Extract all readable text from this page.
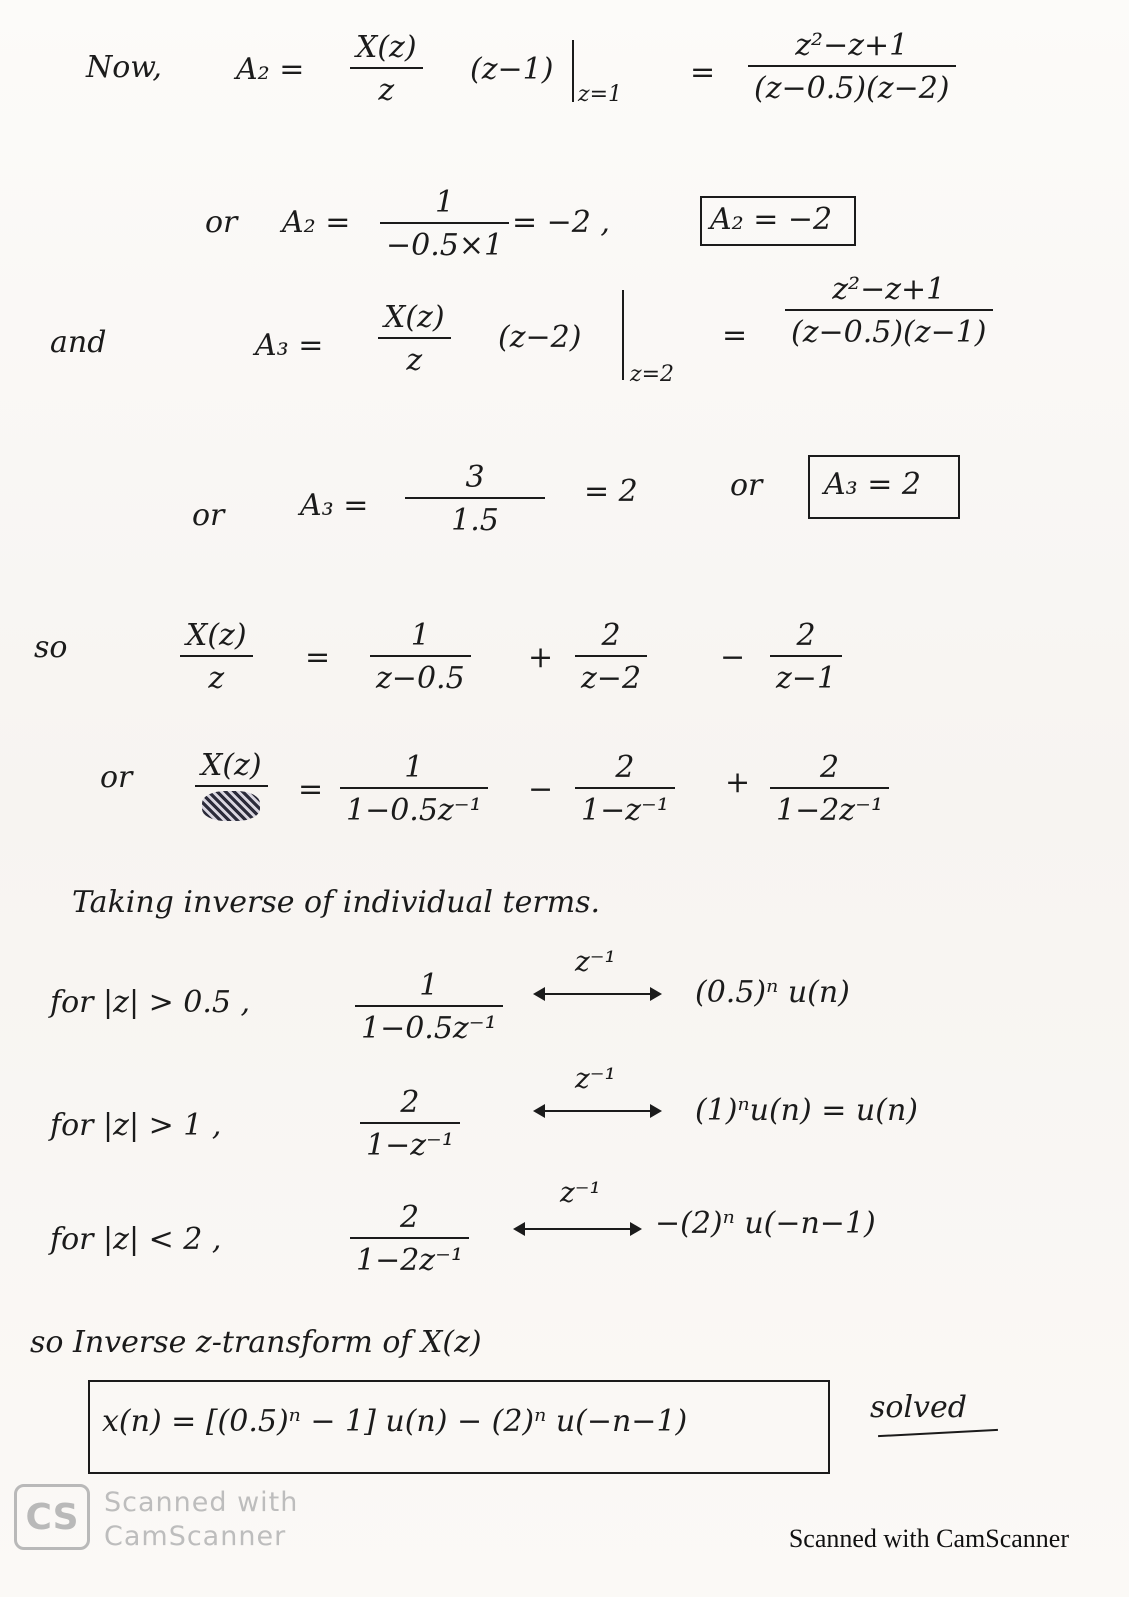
Now, A₂ =
X(z)
z
(z−1)
z=1
=
z²−z+1
(z−0.5)(z−2)
or A₂ =
1
−0.5×1
= −2 ,	A₂ = −2
and	A₃ =
X(z)
z
(z−2)
z=2
=
z²−z+1
(z−0.5)(z−1)
or	A₃ =
3
1.5
= 2	or A₃ = 2
so	X(z)
z
=
1
z−0.5
+
2
z−2
−
2
z−1
or X(z)
=
1
1−0.5z⁻¹
−
2
1−z⁻¹
+ 2
1−2z⁻¹
Taking inverse of individual terms.
for |z| > 0.5 ,	1
1−0.5z⁻¹
z⁻¹
(0.5)ⁿ u(n)
for |z| > 1 ,
2
1−z⁻¹
z⁻¹
(1)ⁿu(n) = u(n)
for |z| < 2 ,
2
1−2z⁻¹
z⁻¹
−(2)ⁿ u(−n−1)
so Inverse z-transform of X(z)
x(n) = [(0.5)ⁿ − 1] u(n) − (2)ⁿ u(−n−1)	solved
CS Scanned with
CamScanner	Scanned with CamScanner
